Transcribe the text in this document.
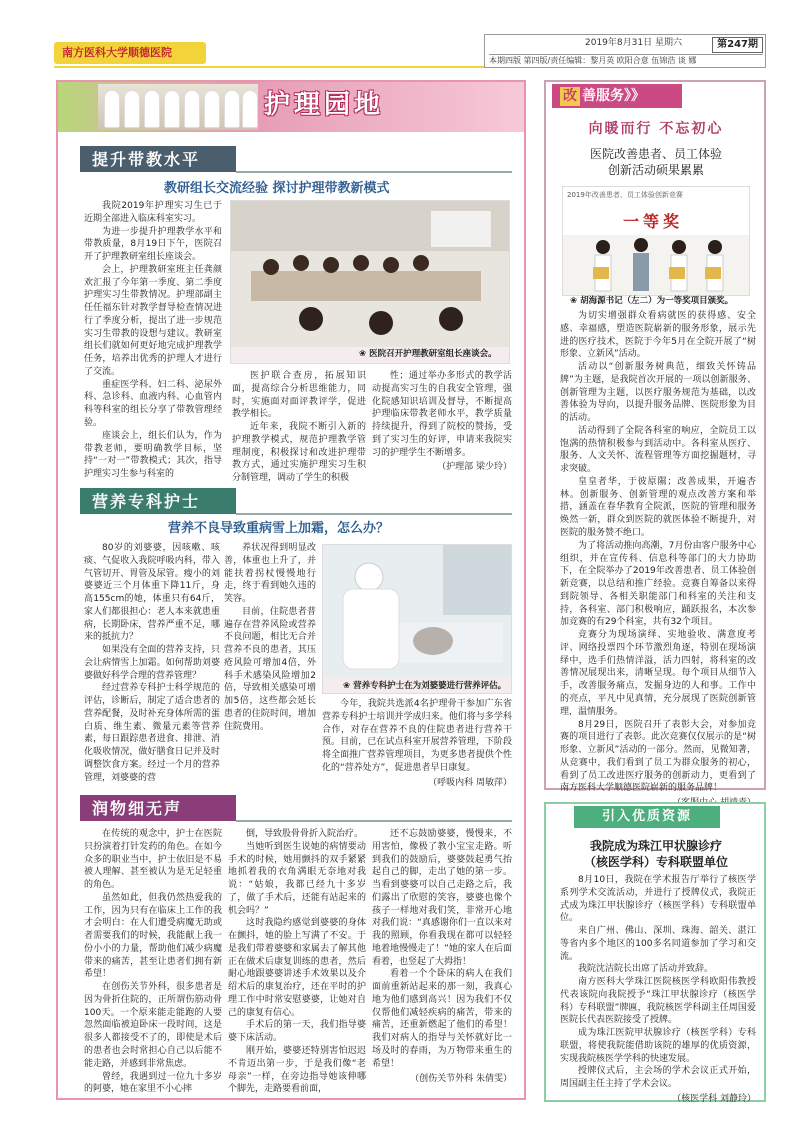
南方医科大学顺德医院
2019年8月31日 星期六	第247期
本期四版 第四版/责任编辑：黎月英 欧阳合意 伍锦浩 谈 娜
护理园地
提升带教水平
教研组长交流经验 探讨护理带教新模式

我院2019年护理实习生已于近期全部进入临床科室实习。

为进一步提升护理教学水平和带教质量，8月19日下午，医院召开了护理教研室组长座谈会。

会上，护理教研室班主任龚颜欢汇报了今年第一季度、第二季度护理实习生带教情况。护理部副主任任福东针对教学督导检查情况进行了季度分析，提出了进一步规范实习生带教的设想与建议。教研室组长们就如何更好地完成护理教学任务，培养出优秀的护理人才进行了交流。

重症医学科、妇二科、泌尿外科、急诊科、血液内科、心血管内科等科室的组长分享了带教管理经验。

座谈会上，组长们认为，作为带教老师，要明确教学目标，坚持“一对一”带教模式；其次，指导护理实习生参与科室的

❀ 医院召开护理教研室组长座谈会。

医护联合查房，拓展知识面，提高综合分析思维能力，同时，实施面对面评教评学，促进教学相长。

近年来，我院不断引入新的护理教学模式，规范护理教学管理制度，积极探讨和改进护理带教方式，通过实施护理实习生积分制管理，调动了学生的积极

性；通过举办多形式的教学活动提高实习生的自我安全管理，强化院感知识培训及督导，不断提高护理临床带教老师水平，教学质量持续提升，得到了院校的赞扬，受到了实习生的好评，申请来我院实习的护理学生不断增多。

（护理部 梁少玲）
营养专科护士
营养不良导致重病雪上加霜，怎么办？

80岁的刘婆婆，因咳嗽、咳痰、气促收入我院呼吸内科，带入气管切开、胃管及尿管。瘦小的刘婆婆近三个月体重下降11斤，身高155cm的她，体重只有64斤，家人们都很担心：老人本来就患重病，长期卧床，营养严重不足，哪来的抵抗力？

如果没有全面的营养支持，只会让病情雪上加霜。如何帮助刘婆婆做好科学合理的营养管理？

经过营养专科护士科学规范的评估，诊断后，制定了适合患者的营养配餐，及时补充身体所需的蛋白质、维生素、微量元素等营养素，每日跟踪患者进食、排泄、消化吸收情况，做好膳食日记并及时调整饮食方案。经过一个月的营养管理，刘婆婆的营

养状况得到明显改善，体重也上升了，并能扶着拐杖慢慢地行走，终于看到她久违的笑容。

目前，住院患者普遍存在营养风险或营养不良问题，相比无合并营养不良的患者，其压疮风险可增加4倍，外科手术感染风险增加2倍，导致相关感染可增加5倍，这些都会延长患者的住院时间，增加住院费用。

❀ 营养专科护士在为刘婆婆进行营养评估。

今年，我院共选派4名护理骨干参加广东省营养专科护士培训并学成归来。他们将与多学科合作，对存在营养不良的住院患者进行营养干预。目前，已在试点科室开展营养管理，下阶段将全面推广营养管理项目，为更多患者提供个性化的“营养处方”，促进患者早日康复。

（呼吸内科 周敏萍）
润物细无声

在传统的观念中，护士在医院只扮演着打针发药的角色。在如今众多的职业当中，护士依旧是不易被人理解、甚至被认为是无足轻重的角色。

虽然如此，但我仍然热爱我的工作，因为只有在临床上工作的我才会明白：在人们遭受病魔无助或者需要我们的时候，我能献上我一份小小的力量，帮助他们减少病魔带来的痛苦，甚至让患者们拥有新希望！

在创伤关节外科，很多患者是因为骨折住院的，正所谓伤筋动骨100天。一个原来能走能跑的人要忽然面临被迫卧床一段时间，这是很多人都接受不了的，即使是术后的患者也会时常担心自己以后能不能走路，并感到非常焦虑。

曾经，我遇到过一位九十多岁的阿婆，她在家里不小心摔

倒，导致股骨骨折入院治疗。

当她听到医生说她的病情要动手术的时候，她用颤抖的双手紧紧地抓着我的衣角满眼无奈地对我说：“姑娘，我都已经九十多岁了，做了手术后，还能有站起来的机会吗？”

这时我隐约感觉到婆婆的身体在颤抖，她的脸上写满了不安。于是我们带着婆婆和家属去了解其他正在做术后康复训练的患者，然后耐心地跟婆婆讲述手术效果以及介绍术后的康复治疗，还在平时的护理工作中时常安慰婆婆，让她对自己的康复有信心。

手术后的第一天，我们指导婆婆下床活动。

刚开始，婆婆还特别害怕迟迟不肯迈出第一步，于是我们像“老母亲”一样，在旁边指导她该伸哪个脚先，走路要看前面，

还不忘鼓励婆婆，慢慢来，不用害怕，像极了教小宝宝走路。听到我们的鼓励后，婆婆鼓起勇气抬起自己的脚，走出了她的第一步。当看到婆婆可以自己走路之后，我们露出了欣慰的笑容，婆婆也像个孩子一样地对我们笑，非常开心地对我们说：“真感谢你们一直以来对我的照顾，你看我现在都可以轻轻地着地慢慢走了！”她的家人在后面看着，也竖起了大拇指！

看着一个个卧床的病人在我们面前重新站起来的那一刻，我真心地为他们感到高兴！因为我们不仅仅帮他们减轻疾病的痛苦，带来的痛苦，还重新燃起了他们的希望！我们对病人的指导与关怀就好比一场及时的春雨，为万物带来重生的希望！

（创伤关节外科 朱倩雯）
改 善服务》》
向暖而行 不忘初心
医院改善患者、员工体验
创新活动硕果累累
2019年改善患者、员工体验创新竞赛
一等奖
❀ 胡海源书记（左二）为一等奖项目颁奖。

为切实增强群众看病就医的获得感、安全感、幸福感，塑造医院崭新的服务形象，展示先进的医疗技术，医院于今年5月在全院开展了“树形象、立新风”活动。

活动以“创新服务树典范，细致关怀铸品牌”为主题，是我院首次开展的一项以创新服务、创新管理为主题，以医疗服务规范为基础，以改善体验为导向，以提升服务品牌、医院形象为目的活动。

活动得到了全院各科室的响应，全院员工以饱满的热情积极参与到活动中。各科室从医疗、服务、人文关怀、流程管理等方面挖掘题材，寻求突破。

皇皇者华，于彼原隰；改善成果，开遍杏林。创新服务、创新管理的观点改善方案和举措，涵盖在春华教育全院派，医院的管理和服务焕然一新，群众到医院的就医体验不断提升，对医院的服务赞不绝口。

为了将活动推向高潮，7月份由客户服务中心组织，并在宣传科、信息科等部门的大力协助下，在全院举办了2019年改善患者、员工体验创新竞赛，以总结和推广经验。竞赛自筹备以来得到院领导、各相关职能部门和科室的关注和支持，各科室、部门积极响应，踊跃报名，本次参加竞赛的有29个科室，共有32个项目。

竞赛分为现场演绎、实地验收、满意度考评、网络投票四个环节激烈角逐，特别在现场演绎中，选手们热情洋溢，活力四射，将科室的改善情况展现出来，清晰呈现。每个项目从细节入手，改善服务痛点，发掘身边的人和事。工作中的亮点，平凡中见真情，充分展现了医院创新管理，温情服务。

8月29日，医院召开了表彰大会，对参加竞赛的项目进行了表彰。此次竞赛仅仅展示的是“树形象、立新风”活动的一部分。然而，见微知著，从竞赛中，我们看到了员工为群众服务的初心，看到了员工改进医疗服务的创新动力，更看到了南方医科大学顺德医院崭新的服务品牌！

引入优质资源
我院成为珠江甲状腺诊疗
（核医学科）专科联盟单位

8月10日，我院在学术报告厅举行了核医学系列学术交流活动，并进行了授牌仪式，我院正式成为珠江甲状腺诊疗（核医学科）专科联盟单位。

来自广州、佛山、深圳、珠海、韶关、湛江等省内多个地区的100多名同道参加了学习和交流。

我院沈洁院长出席了活动并致辞。

南方医科大学珠江医院核医学科欧阳伟教授代表该院向我院授予“珠江甲状腺诊疗（核医学科）专科联盟”牌匾，我院核医学科副主任周国爱医院长代表医院接受了授牌。

成为珠江医院甲状腺诊疗（核医学科）专科联盟，将使我院能借助该院的雄厚的优质资源，实现我院核医学学科的快速发展。

授牌仪式后，主会场的学术会议正式开始，周国副主任主持了学术会议。

（核医学科 刘静玲）
